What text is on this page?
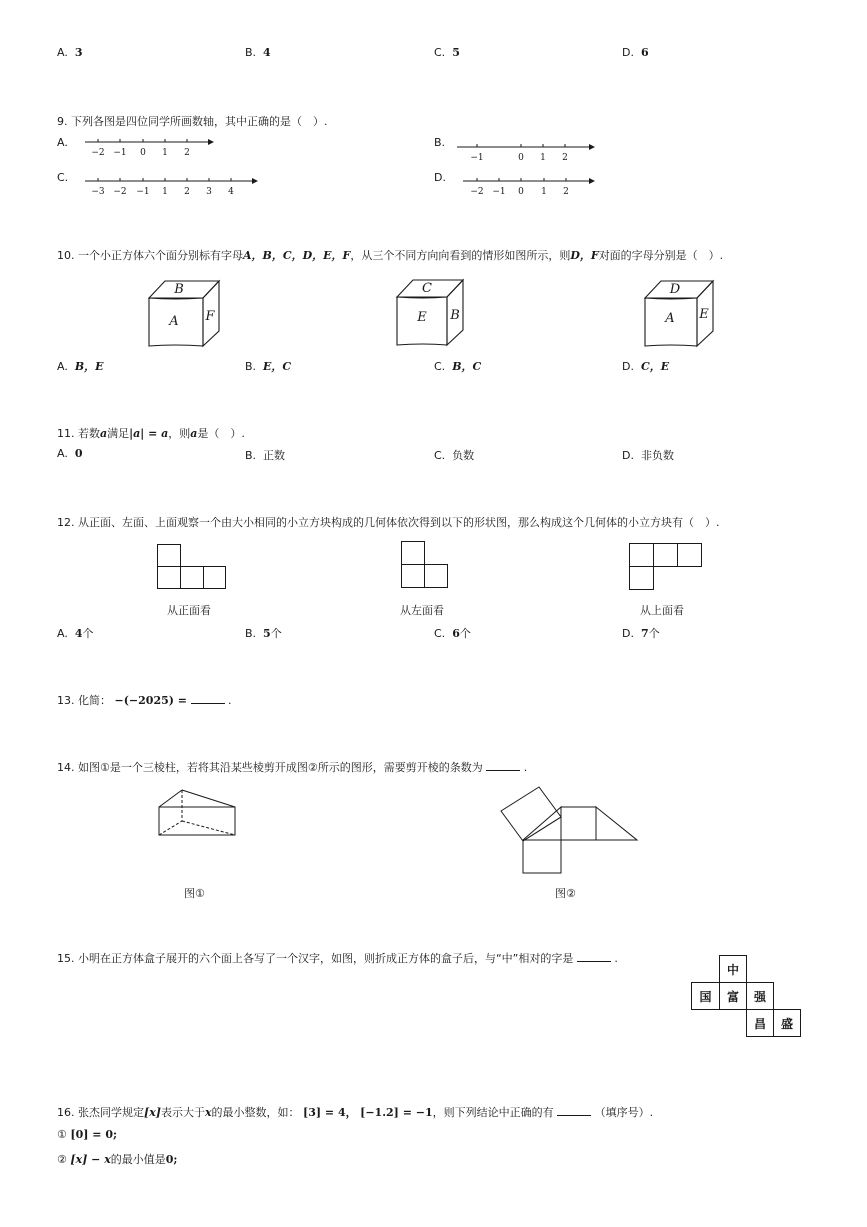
A. 3	B. 4	C. 5	D. 6
9. 下列各图是四位同学所画数轴，其中正确的是（　）.
A.	B.
C.	D.
−2 −1 0 1 2	−1	0 1 2
−3 −2 −1 1 2 3 4	−2 −1 0 1 2
10. 一个小正方体六个面分别标有字母A，B，C，D，E，F，从三个不同方向向看到的情形如图所示，则D，F对面的字母分别是（　）.
B
A F
C
E B
D
A E
A. B，E	B. E，C	C. B，C	D. C，E
11. 若数a满足|a| = a，则a是（　）.
A. 0	B. 正数	C. 负数	D. 非负数
12. 从正面、左面、上面观察一个由大小相同的小立方块构成的几何体依次得到以下的形状图，那么构成这个几何体的小立方块有（　）.
从正面看	从左面看	从上面看
A. 4个	B. 5个	C. 6个	D. 7个
13. 化简： −(−2025) =	.
14. 如图①是一个三棱柱，若将其沿某些棱剪开成图②所示的图形，需要剪开棱的条数为	.
图①	图②
15. 小明在正方体盒子展开的六个面上各写了一个汉字，如图，则折成正方体的盒子后，与“中”相对的字是	.
中
国	富	强
昌	盛
16. 张杰同学规定[x]表示大于x的最小整数，如： [3] = 4， [−1.2] = −1，则下列结论中正确的有	（填序号）.
① [0] = 0;
② [x] − x的最小值是0;
